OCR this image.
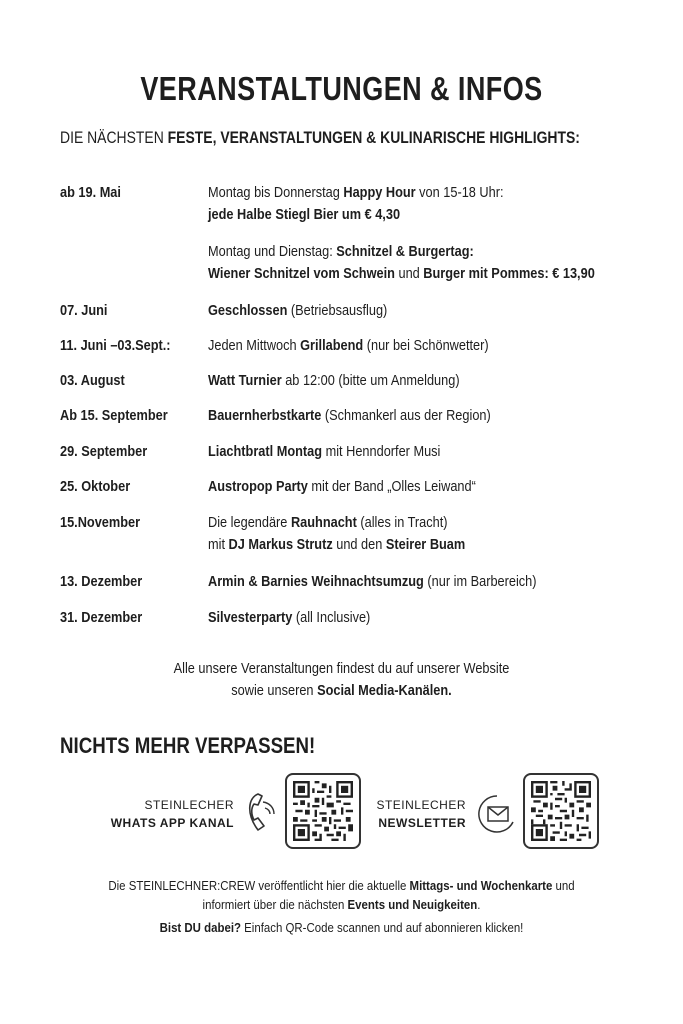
VERANSTALTUNGEN & INFOS
DIE NÄCHSTEN FESTE, VERANSTALTUNGEN & KULINARISCHE HIGHLIGHTS:
ab 19. Mai	Montag bis Donnerstag Happy Hour von 15-18 Uhr:
jede Halbe Stiegl Bier um € 4,30
Montag und Dienstag: Schnitzel & Burgertag:
Wiener Schnitzel vom Schwein und Burger mit Pommes: € 13,90
07. Juni	Geschlossen (Betriebsausflug)
11. Juni –03.Sept.: Jeden Mittwoch Grillabend (nur bei Schönwetter)
03. August	Watt Turnier ab 12:00 (bitte um Anmeldung)
Ab 15. September	Bauernherbstkarte (Schmankerl aus der Region)
29. September	Liachtbratl Montag mit Henndorfer Musi
25. Oktober	Austropop Party mit der Band „Olles Leiwand“
15.November	Die legendäre Rauhnacht (alles in Tracht)
mit DJ Markus Strutz und den Steirer Buam
13. Dezember	Armin & Barnies Weihnachtsumzug (nur im Barbereich)
31. Dezember	Silvesterparty (all Inclusive)
Alle unsere Veranstaltungen findest du auf unserer Website
sowie unseren Social Media-Kanälen.
NICHTS MEHR VERPASSEN!
STEINLECHER
WHATS APP KANAL
STEINLECHER
NEWSLETTER
Die STEINLECHNER:CREW veröffentlicht hier die aktuelle Mittags- und Wochenkarte und
informiert über die nächsten Events und Neuigkeiten.
Bist DU dabei? Einfach QR-Code scannen und auf abonnieren klicken!
